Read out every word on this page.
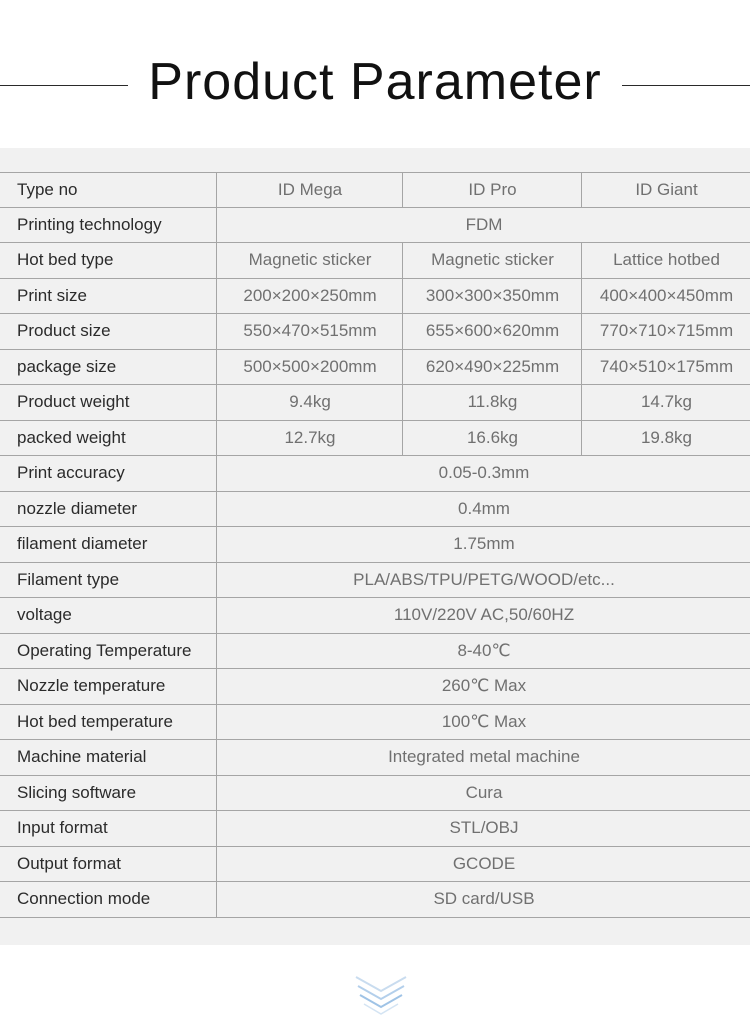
Product Parameter
Type no	ID Mega	ID Pro	ID Giant
Printing technology	FDM
Hot bed type	Magnetic sticker	Magnetic sticker	Lattice hotbed
Print size	200×200×250mm	300×300×350mm	400×400×450mm
Product size	550×470×515mm	655×600×620mm	770×710×715mm
package size	500×500×200mm	620×490×225mm	740×510×175mm
Product weight	9.4kg	11.8kg	14.7kg
packed weight	12.7kg	16.6kg	19.8kg
Print accuracy	0.05-0.3mm
nozzle diameter	0.4mm
filament diameter	1.75mm
Filament type	PLA/ABS/TPU/PETG/WOOD/etc...
voltage	110V/220V AC,50/60HZ
Operating Temperature	8-40℃
Nozzle temperature	260℃ Max
Hot bed temperature	100℃ Max
Machine material	Integrated metal machine
Slicing software	Cura
Input format	STL/OBJ
Output format	GCODE
Connection mode	SD card/USB
